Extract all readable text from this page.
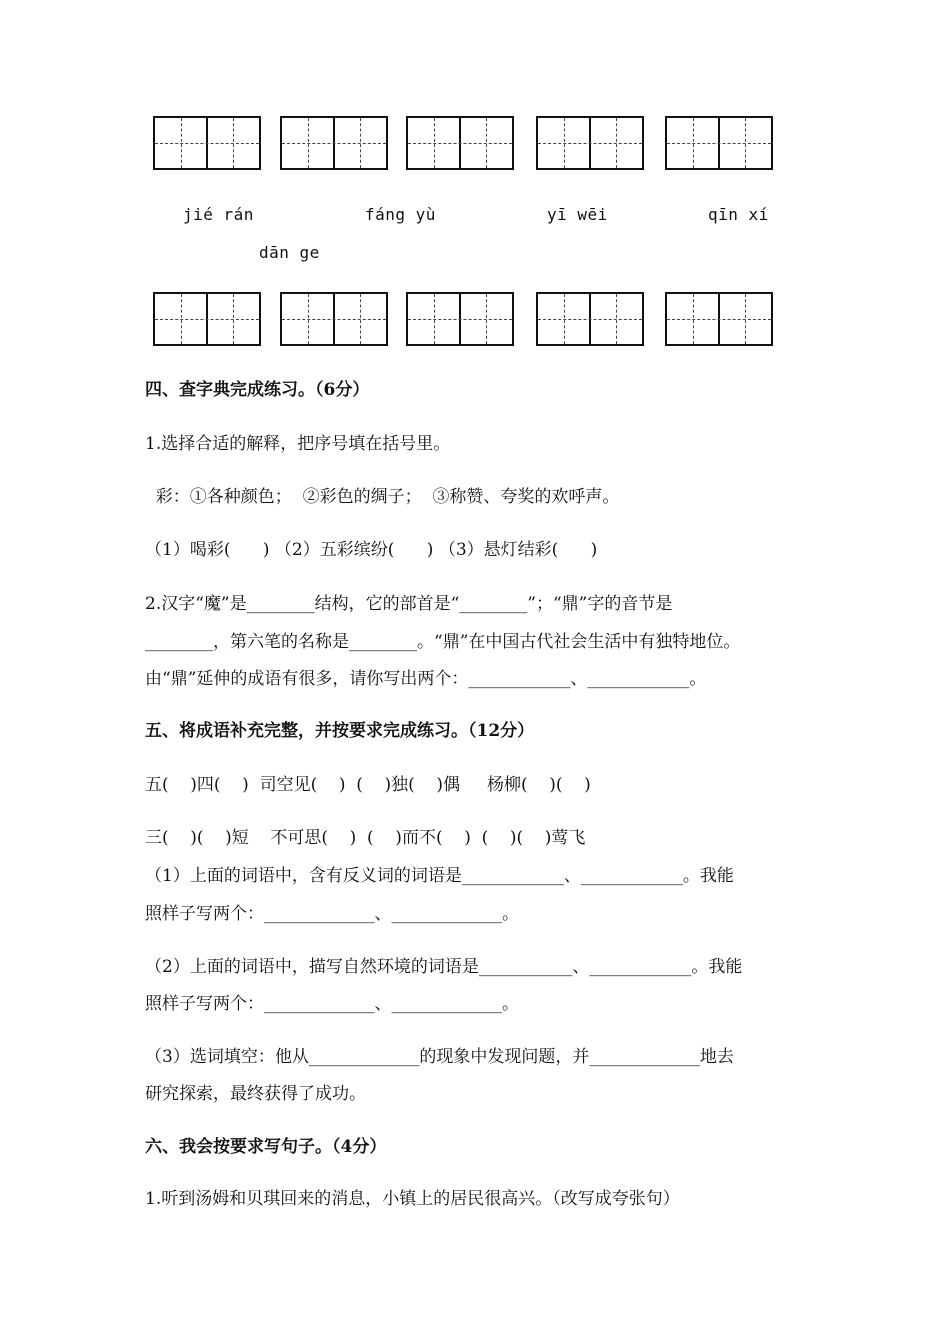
jié rán	fáng yù	yī wēi	qīn xí
dān ge
四、查字典完成练习。（6分）
1.选择合适的解释，把序号填在括号里。
彩：①各种颜色；  ②彩色的绸子；  ③称赞、夸奖的欢呼声。
（1）喝彩(      ) （2）五彩缤纷(      ) （3）悬灯结彩(      )
2.汉字“魔”是________结构，它的部首是“________”；“鼎”字的音节是
________，第六笔的名称是________。“鼎”在中国古代社会生活中有独特地位。
由“鼎”延伸的成语有很多，请你写出两个：____________、____________。
五、将成语补充完整，并按要求完成练习。（12分）
五(    )四(    )  司空见(    )  (    )独(    )偶     杨柳(    )(    )
三(    )(    )短    不可思(    )  (    )而不(    )  (    )(    )莺飞
（1）上面的词语中，含有反义词的词语是____________、____________。我能
照样子写两个：_____________、_____________。
（2）上面的词语中，描写自然环境的词语是___________、____________。我能
照样子写两个：_____________、_____________。
（3）选词填空：他从_____________的现象中发现问题，并_____________地去
研究探索，最终获得了成功。
六、我会按要求写句子。（4分）
1.听到汤姆和贝琪回来的消息，小镇上的居民很高兴。（改写成夸张句）
